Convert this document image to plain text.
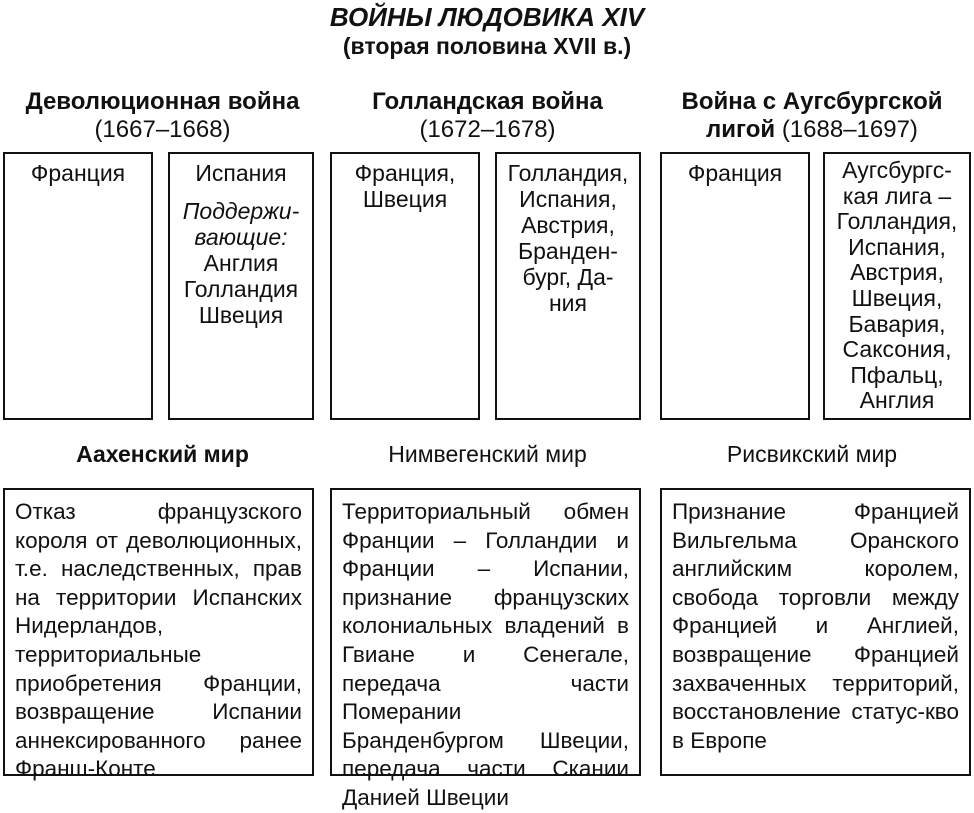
ВОЙНЫ ЛЮДОВИКА XIV
(вторая половина XVII в.)
Деволюционная война
(1667–1668)
Франция	Испания
Поддержи-
вающие:
Англия
Голландия
Швеция
Аахенский мир
Отказ французского короля от деволюционных, т.е. наследственных, прав на территории Испанских Нидерландов, территориальные приобретения Франции, возвращение Испании аннексированного ранее Франш-Конте
Голландская война
(1672–1678)
Франция,
Швеция
Голландия,
Испания,
Австрия,
Бранден-
бург, Да-
ния
Нимвегенский мир
Территориальный обмен Франции – Голландии и Франции – Испании, признание французских колониальных владений в Гвиане и Сенегале, передача части Померании Бранденбургом Швеции, передача части Скании Данией Швеции
Война с Аугсбургской
лигой (1688–1697)
Франция	Аугсбургс-
кая лига –
Голландия,
Испания,
Австрия,
Швеция,
Бавария,
Саксония,
Пфальц,
Англия
Рисвикский мир
Признание Францией Вильгельма Оранского английским королем, свобода торговли между Францией и Англией, возвращение Францией захваченных территорий, восстановление статус-кво в Европе
